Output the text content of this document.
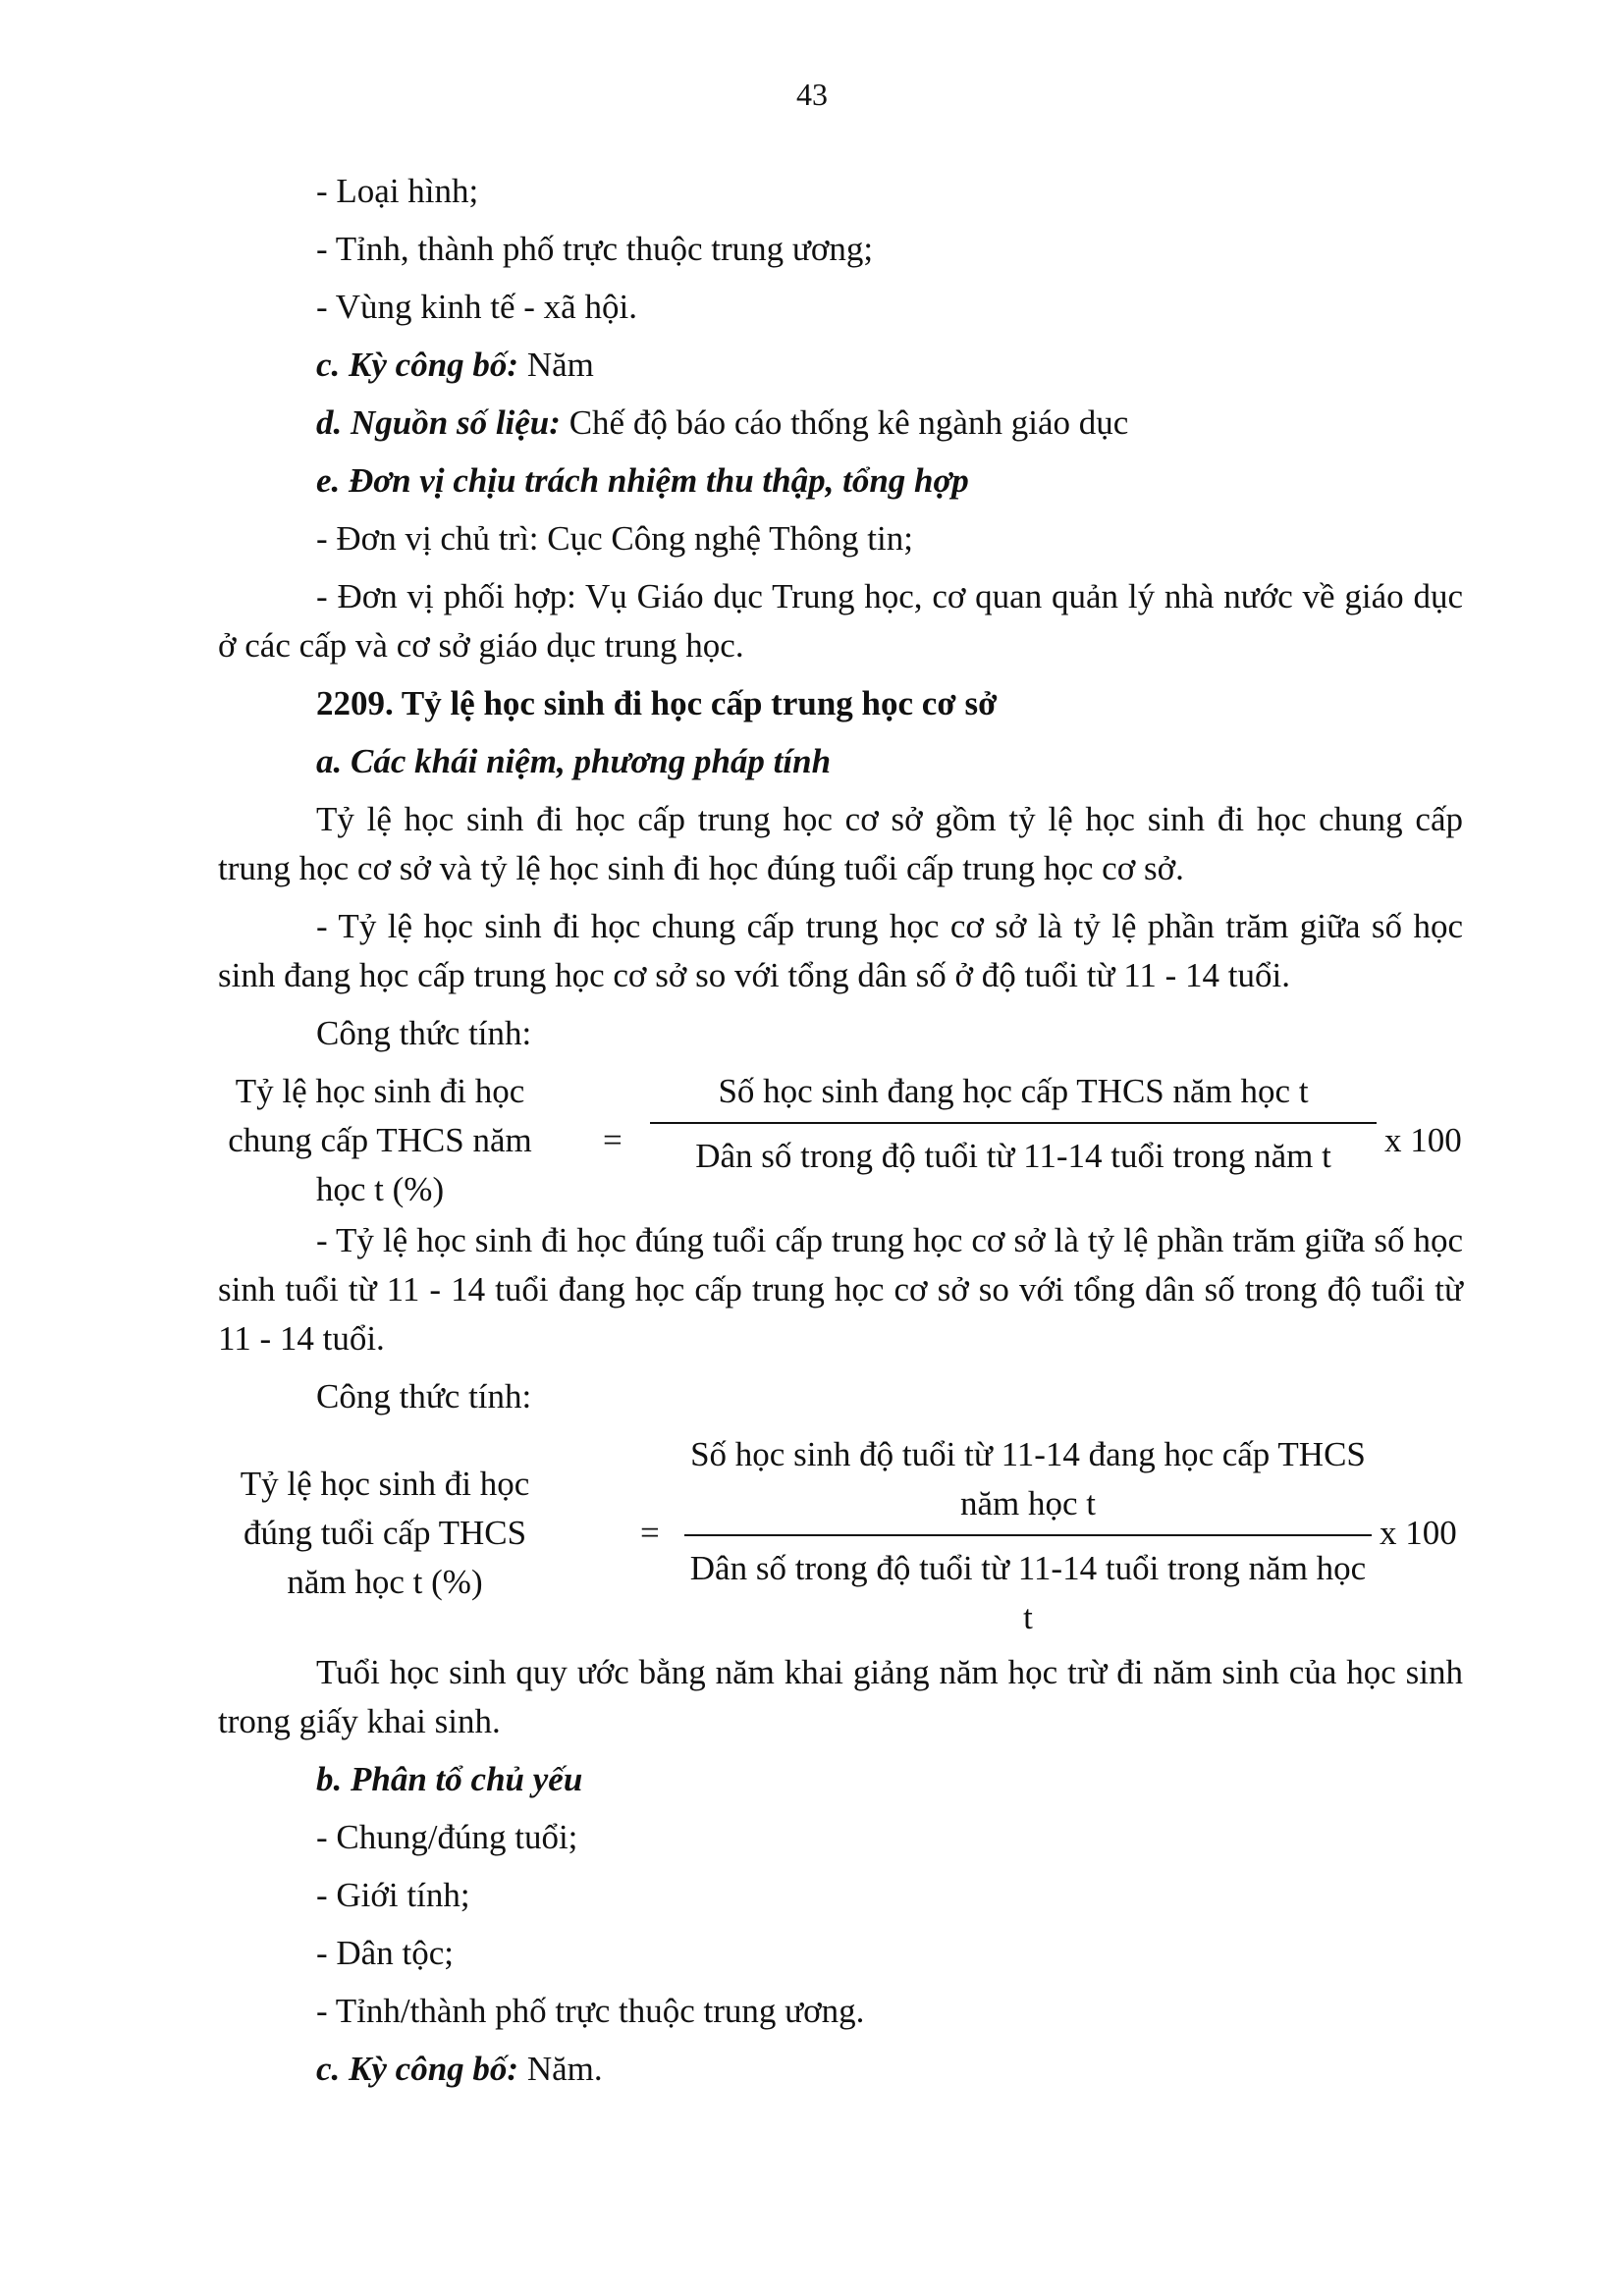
43
- Loại hình;
- Tỉnh, thành phố trực thuộc trung ương;
- Vùng kinh tế - xã hội.
c. Kỳ công bố: Năm
d. Nguồn số liệu: Chế độ báo cáo thống kê ngành giáo dục
e. Đơn vị chịu trách nhiệm thu thập, tổng hợp
- Đơn vị chủ trì: Cục Công nghệ Thông tin;

- Đơn vị phối hợp: Vụ Giáo dục Trung học, cơ quan quản lý nhà nước về giáo dục ở các cấp và cơ sở giáo dục trung học.

2209. Tỷ lệ học sinh đi học cấp trung học cơ sở
a. Các khái niệm, phương pháp tính

Tỷ lệ học sinh đi học cấp trung học cơ sở gồm tỷ lệ học sinh đi học chung cấp trung học cơ sở và tỷ lệ học sinh đi học đúng tuổi cấp trung học cơ sở.

- Tỷ lệ học sinh đi học chung cấp trung học cơ sở là tỷ lệ phần trăm giữa số học sinh đang học cấp trung học cơ sở so với tổng dân số ở độ tuổi từ 11 - 14 tuổi.

Công thức tính:
Tỷ lệ học sinh đi học chung cấp THCS năm học t (%)
=
Số học sinh đang học cấp THCS năm học t
Dân số trong độ tuổi từ 11-14 tuổi trong năm t	x 100

- Tỷ lệ học sinh đi học đúng tuổi cấp trung học cơ sở là tỷ lệ phần trăm giữa số học sinh tuổi từ 11 - 14 tuổi đang học cấp trung học cơ sở so với tổng dân số trong độ tuổi từ 11 - 14 tuổi.

Công thức tính:
Tỷ lệ học sinh đi học đúng tuổi cấp THCS năm học t (%)
=
Số học sinh độ tuổi từ 11-14 đang học cấp THCS năm học t
Dân số trong độ tuổi từ 11-14 tuổi trong năm học t
x 100

Tuổi học sinh quy ước bằng năm khai giảng năm học trừ đi năm sinh của học sinh trong giấy khai sinh.

b. Phân tổ chủ yếu
- Chung/đúng tuổi;
- Giới tính;
- Dân tộc;
- Tỉnh/thành phố trực thuộc trung ương.
c. Kỳ công bố: Năm.
